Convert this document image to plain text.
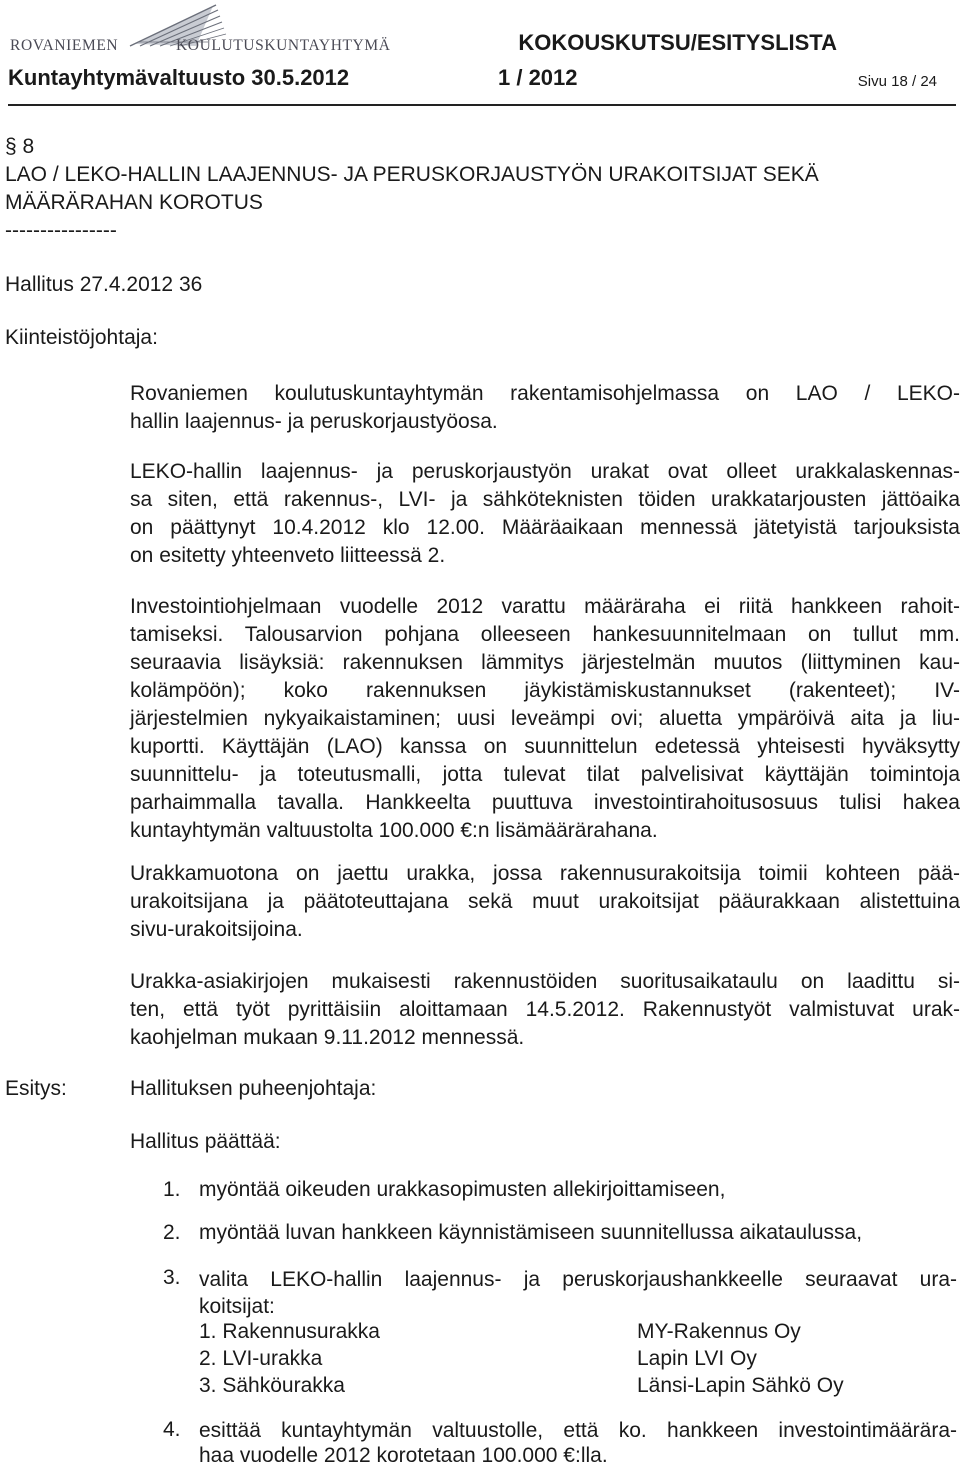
ROVANIEMEN	KOULUTUSKUNTAYHTYMÄ	KOKOUSKUTSU/ESITYSLISTA
Kuntayhtymävaltuusto 30.5.2012	1 / 2012	Sivu 18 / 24
§ 8
LAO / LEKO-HALLIN LAAJENNUS- JA PERUSKORJAUSTYÖN URAKOITSIJAT SEKÄ
MÄÄRÄRAHAN KOROTUS
----------------
Hallitus 27.4.2012 36
Kiinteistöjohtaja:
Rovaniemen koulutuskuntayhtymän rakentamisohjelmassa on LAO / LEKO-
hallin laajennus- ja peruskorjaustyöosa.
LEKO-hallin laajennus- ja peruskorjaustyön urakat ovat olleet urakkalaskennas-
sa siten, että rakennus-, LVI- ja sähköteknisten töiden urakkatarjousten jättöaika
on päättynyt 10.4.2012 klo 12.00. Määräaikaan mennessä jätetyistä tarjouksista
on esitetty yhteenveto liitteessä 2.
Investointiohjelmaan vuodelle 2012 varattu määräraha ei riitä hankkeen rahoit-
tamiseksi. Talousarvion pohjana olleeseen hankesuunnitelmaan on tullut mm.
seuraavia lisäyksiä: rakennuksen lämmitys järjestelmän muutos (liittyminen kau-
kolämpöön); koko rakennuksen jäykistämiskustannukset (rakenteet); IV-
järjestelmien nykyaikaistaminen; uusi leveämpi ovi; aluetta ympäröivä aita ja liu-
kuportti. Käyttäjän (LAO) kanssa on suunnittelun edetessä yhteisesti hyväksytty
suunnittelu- ja toteutusmalli, jotta tulevat tilat palvelisivat käyttäjän toimintoja
parhaimmalla tavalla. Hankkeelta puuttuva investointirahoitusosuus tulisi hakea
kuntayhtymän valtuustolta 100.000 €:n lisämäärärahana.
Urakkamuotona on jaettu urakka, jossa rakennusurakoitsija toimii kohteen pää-
urakoitsijana ja päätoteuttajana sekä muut urakoitsijat pääurakkaan alistettuina
sivu-urakoitsijoina.
Urakka-asiakirjojen mukaisesti rakennustöiden suoritusaikataulu on laadittu si-
ten, että työt pyrittäisiin aloittamaan 14.5.2012. Rakennustyöt valmistuvat urak-
kaohjelman mukaan 9.11.2012 mennessä.
Esitys:	Hallituksen puheenjohtaja:
Hallitus päättää:
1. myöntää oikeuden urakkasopimusten allekirjoittamiseen,
2. myöntää luvan hankkeen käynnistämiseen suunnitellussa aikataulussa,
3. valita LEKO-hallin laajennus- ja peruskorjaushankkeelle seuraavat ura-
koitsijat:
1. Rakennusurakka	MY-Rakennus Oy
2. LVI-urakka	Lapin LVI Oy
3. Sähköurakka	Länsi-Lapin Sähkö Oy
4. esittää kuntayhtymän valtuustolle, että ko. hankkeen investointimäärära-
haa vuodelle 2012 korotetaan 100.000 €:lla.
